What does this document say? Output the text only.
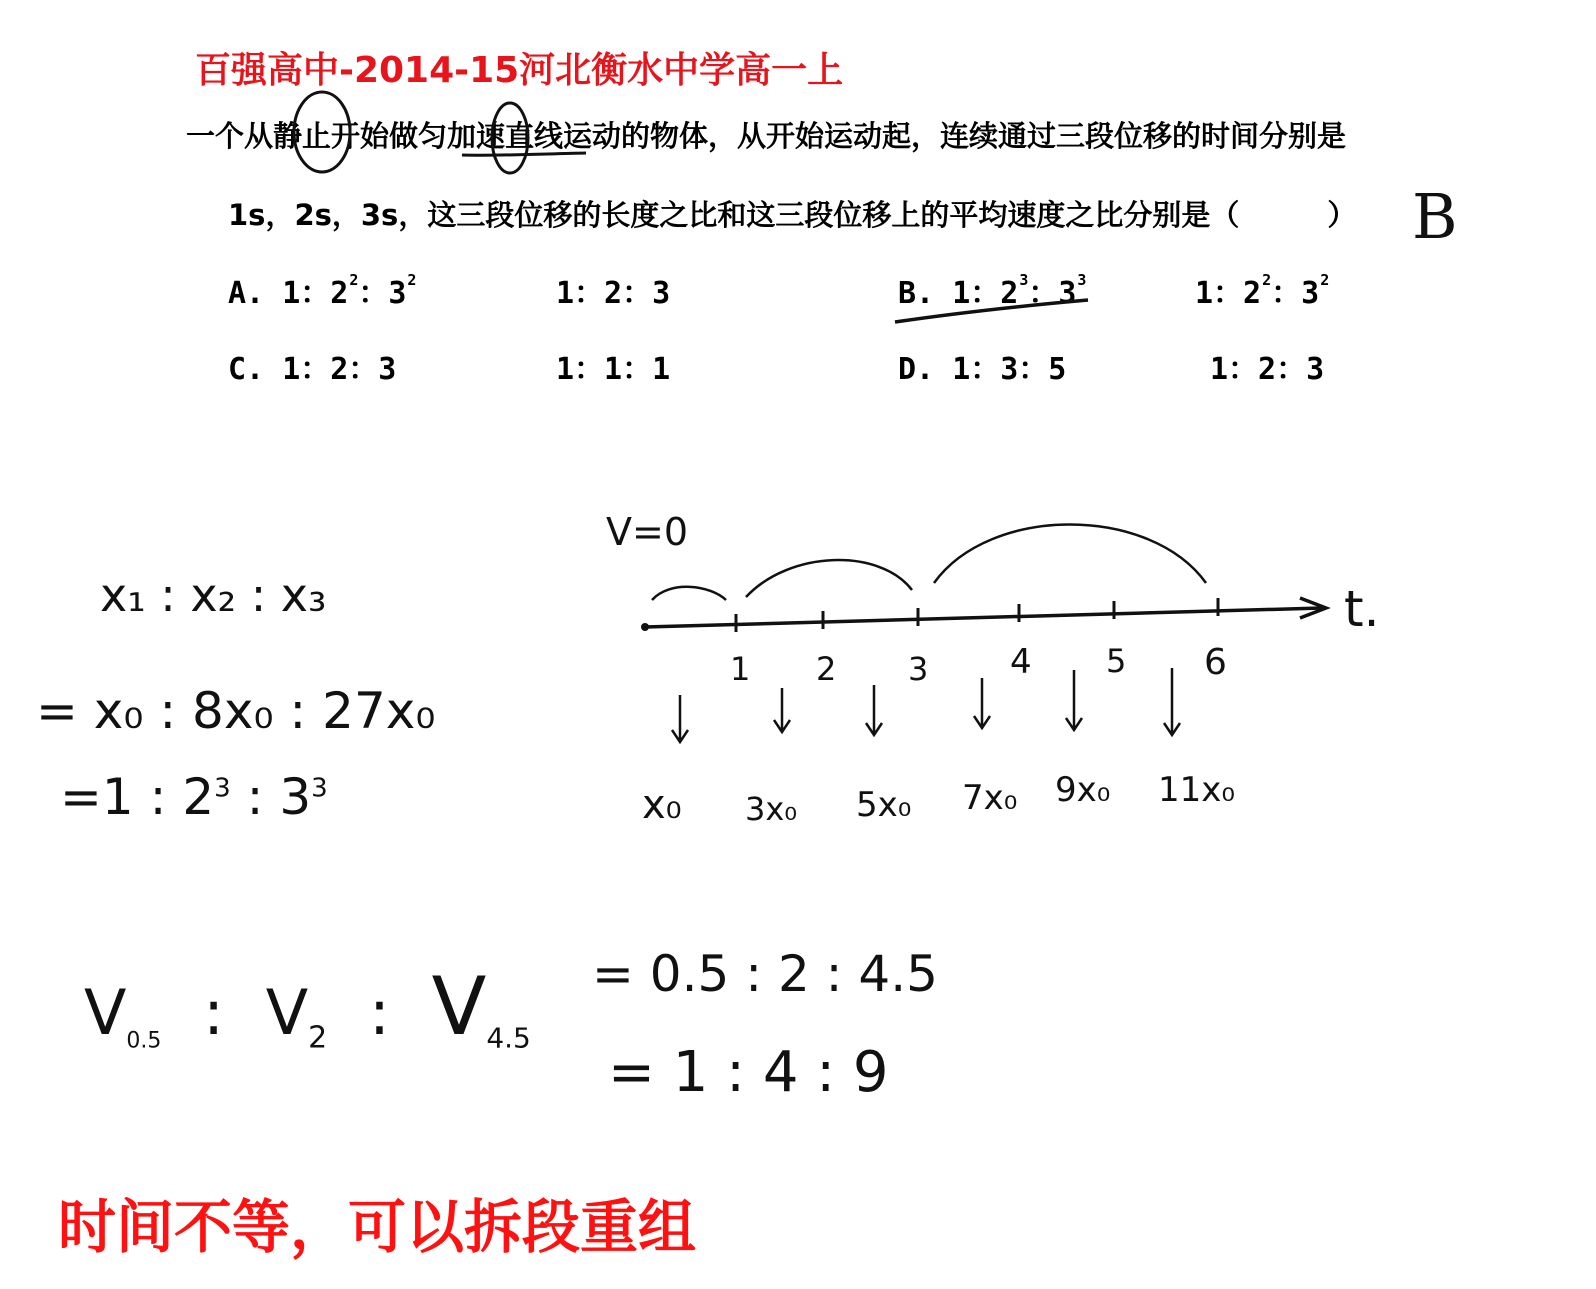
百强高中-2014-15河北衡水中学高一上
一个从静止开始做匀加速直线运动的物体，从开始运动起，连续通过三段位移的时间分别是
1s，2s，3s，这三段位移的长度之比和这三段位移上的平均速度之比分别是（	）
A. 1：$2^2$：$3^2$	1：2：3	B. 1：$2^3$：$3^3$	1：$2^2$：$3^2$
C. 1：2：3	1：1：1	D. 1：3：5	1：2：3
B
V=0
t.
1 2 3 4 5 6
x₀ 3x₀ 5x₀ 7x₀ 9x₀ 11x₀
x₁ : x₂ : x₃
= x₀ : 8x₀ : 27x₀
=1 : $2^3$ : $3^3$
$V_{0.5}$ : $V_2$ : $V_{4.5}$
= 0.5 : 2 : 4.5
= 1 : 4 : 9
时间不等，可以拆段重组
